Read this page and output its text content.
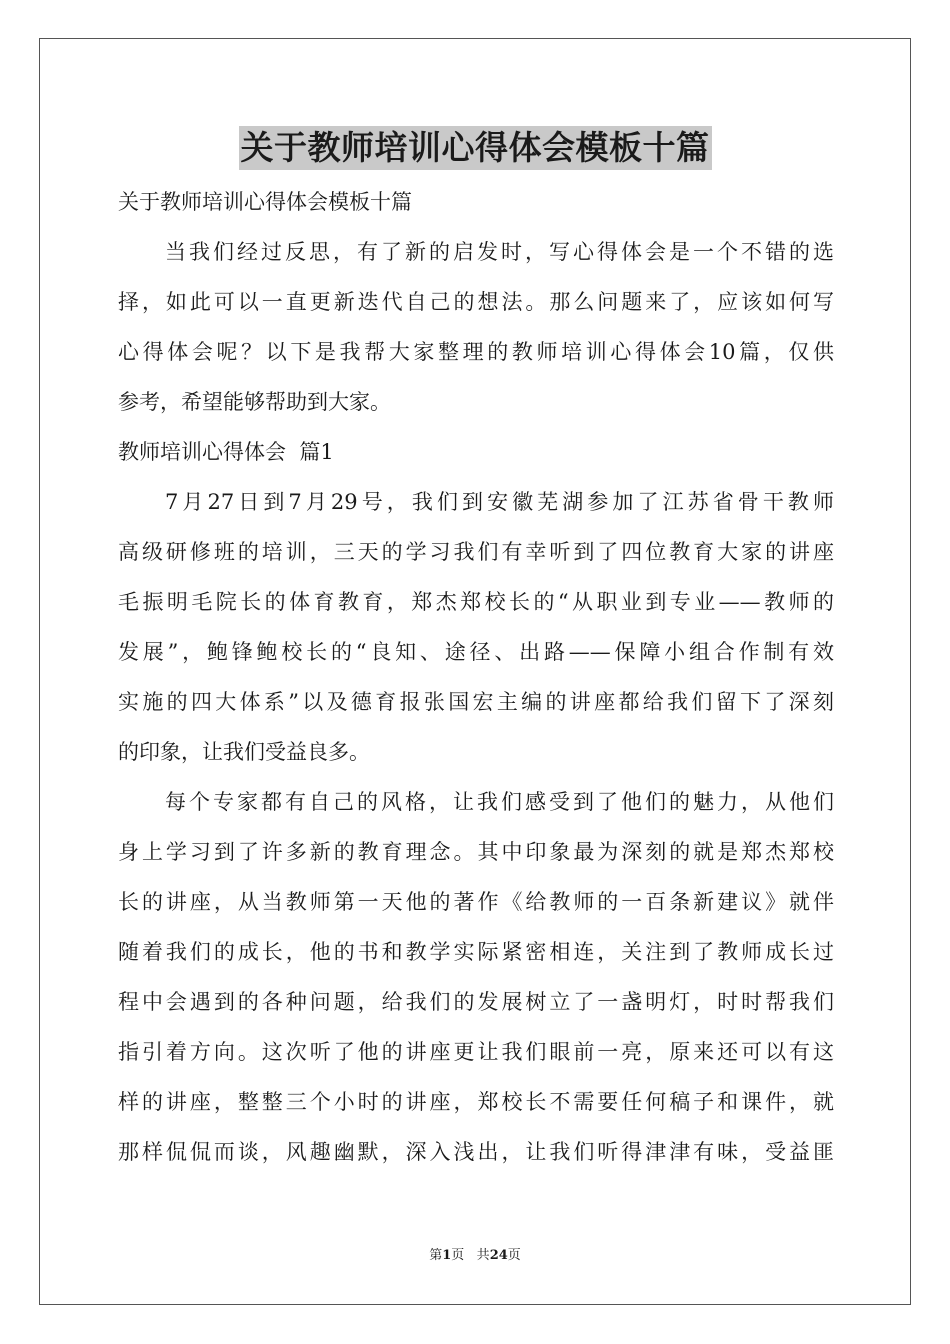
关于教师培训心得体会模板十篇
关于教师培训心得体会模板十篇
当我们经过反思，有了新的启发时，写心得体会是一个不错的选
择，如此可以一直更新迭代自己的想法。那么问题来了，应该如何写
心得体会呢？以下是我帮大家整理的教师培训心得体会10篇，仅供
参考，希望能够帮助到大家。
教师培训心得体会  篇1
7月27日到7月29号，我们到安徽芜湖参加了江苏省骨干教师
高级研修班的培训，三天的学习我们有幸听到了四位教育大家的讲座
毛振明毛院长的体育教育，郑杰郑校长的“从职业到专业——教师的
发展”，鲍锋鲍校长的“良知、途径、出路——保障小组合作制有效
实施的四大体系”以及德育报张国宏主编的讲座都给我们留下了深刻
的印象，让我们受益良多。
每个专家都有自己的风格，让我们感受到了他们的魅力，从他们
身上学习到了许多新的教育理念。其中印象最为深刻的就是郑杰郑校
长的讲座，从当教师第一天他的著作《给教师的一百条新建议》就伴
随着我们的成长，他的书和教学实际紧密相连，关注到了教师成长过
程中会遇到的各种问题，给我们的发展树立了一盏明灯，时时帮我们
指引着方向。这次听了他的讲座更让我们眼前一亮，原来还可以有这
样的讲座，整整三个小时的讲座，郑校长不需要任何稿子和课件，就
那样侃侃而谈，风趣幽默，深入浅出，让我们听得津津有味，受益匪
第1页 共24页
